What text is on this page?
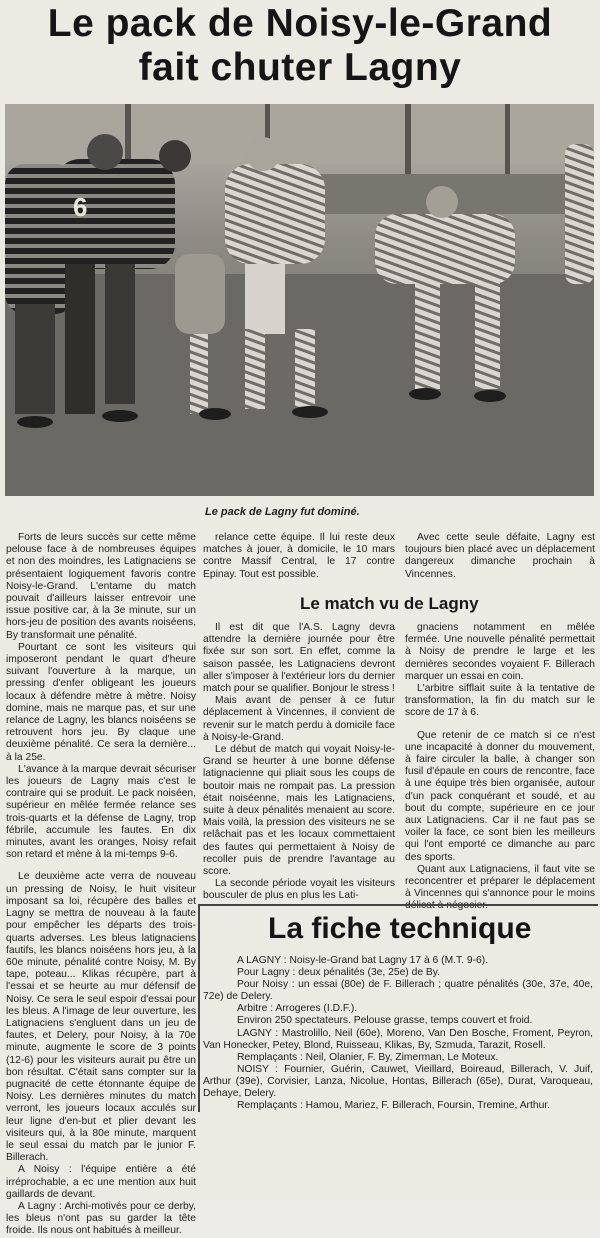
Le pack de Noisy-le-Grand
fait chuter Lagny
6
Le pack de Lagny fut dominé.

Forts de leurs succès sur cette même pelouse face à de nombreuses équipes et non des moindres, les Latignaciens se présentaient logiquement favoris contre Noisy-le-Grand. L'entame du match pouvait d'ailleurs laisser entrevoir une issue positive car, à la 3e minute, sur un hors-jeu de position des avants noiséens, By transformait une pénalité.

Pourtant ce sont les visiteurs qui imposeront pendant le quart d'heure suivant l'ouverture à la marque, un pressing d'enfer obligeant les joueurs locaux à défendre mètre à mètre. Noisy domine, mais ne marque pas, et sur une relance de Lagny, les blancs noiséens se retrouvent hors jeu. By claque une deuxième pénalité. Ce sera la dernière... à la 25e.

L'avance à la marque devrait sécuriser les joueurs de Lagny mais c'est le contraire qui se produit. Le pack noiséen, supérieur en mêlée fermée relance ses trois-quarts et la défense de Lagny, trop fébrile, accumule les fautes. En dix minutes, avant les oranges, Noisy refait son retard et mène à la mi-temps 9-6.

Le deuxième acte verra de nouveau un pressing de Noisy, le huit visiteur imposant sa loi, récupère des balles et Lagny se mettra de nouveau à la faute pour empêcher les départs des trois-quarts adverses. Les bleus latignaciens fautifs, les blancs noiséens hors jeu, à la 60e minute, pénalité contre Noisy, M. By tape, poteau... Klikas récupère, part à l'essai et se heurte au mur défensif de Noisy. Ce sera le seul espoir d'essai pour les bleus. A l'image de leur ouverture, les Latignaciens s'engluent dans un jeu de fautes, et Delery, pour Noisy, à la 70e minute, augmente le score de 3 points (12-6) pour les visiteurs aurait pu être un bon résultat. C'était sans compter sur la pugnacité de cette étonnante équipe de Noisy. Les dernières minutes du match verront, les joueurs locaux acculés sur leur ligne d'en-but et plier devant les visiteurs qui, à la 80e minute, marquent le seul essai du match par le junior F. Billerach.

A Noisy : l'équipe entière a été irréprochable, a ec une mention aux huit gaillards de devant.

A Lagny : Archi-motivés pour ce derby, les bleus n'ont pas su garder la tête froide. Ils nous ont habitués à meilleur.

relance cette équipe. Il lui reste deux matches à jouer, à domicile, le 10 mars contre Massif Central, le 17 contre Epinay. Tout est possible.

Avec cette seule défaite, Lagny est toujours bien placé avec un déplacement dangereux dimanche prochain à Vincennes.

Le match vu de Lagny

Il est dit que l'A.S. Lagny devra attendre la dernière journée pour être fixée sur son sort. En effet, comme la saison passée, les Latignaciens devront aller s'imposer à l'extérieur lors du dernier match pour se qualifier. Bonjour le stress !

Mais avant de penser à ce futur déplacement à Vincennes, il convient de revenir sur le match perdu à domicile face à Noisy-le-Grand.

Le début de match qui voyait Noisy-le-Grand se heurter à une bonne défense latignacienne qui pliait sous les coups de boutoir mais ne rompait pas. La pression était noiséenne, mais les Latignaciens, suite à deux pénalités menaient au score. Mais voilà, la pression des visiteurs ne se relâchait pas et les locaux commettaient des fautes qui permettaient à Noisy de recoller puis de prendre l'avantage au score.

La seconde période voyait les visiteurs bousculer de plus en plus les Lati-

gnaciens notamment en mêlée fermée. Une nouvelle pénalité permettait à Noisy de prendre le large et les dernières secondes voyaient F. Billerach marquer un essai en coin.

L'arbitre sifflait suite à la tentative de transformation, la fin du match sur le score de 17 à 6.

Que retenir de ce match si ce n'est une incapacité à donner du mouvement, à faire circuler la balle, à changer son fusil d'épaule en cours de rencontre, face à une équipe très bien organisée, autour d'un pack conquérant et soudé, et au bout du compte, supérieure en ce jour aux Latignaciens. Car il ne faut pas se voiler la face, ce sont bien les meilleurs qui l'ont emporté ce dimanche au parc des sports.

Quant aux Latignaciens, il faut vite se reconcentrer et préparer le déplacement à Vincennes qui s'annonce pour le moins délicat à négocier.

La fiche technique
A LAGNY : Noisy-le-Grand bat Lagny 17 à 6 (M.T. 9-6).
Pour Lagny : deux pénalités (3e, 25e) de By.
Pour Noisy : un essai (80e) de F. Billerach ; quatre pénalités (30e, 37e, 40e, 72e) de Delery.
Arbitre : Arrogeres (I.D.F.).
Environ 250 spectateurs. Pelouse grasse, temps couvert et froid.
LAGNY : Mastrolillo, Neil (60e), Moreno, Van Den Bosche, Froment, Peyron, Van Honecker, Petey, Blond, Ruisseau, Klikas, By, Szmuda, Tarazit, Rosell.
Remplaçants : Neil, Olanier, F. By, Zimerman, Le Moteux.
NOISY : Fournier, Guérin, Cauwet, Vieillard, Boireaud, Billerach, V. Juif, Arthur (39e), Corvisier, Lanza, Nicolue, Hontas, Billerach (65e), Durat, Varoqueau, Dehaye, Delery.
Remplaçants : Hamou, Mariez, F. Billerach, Foursin, Tremine, Arthur.
